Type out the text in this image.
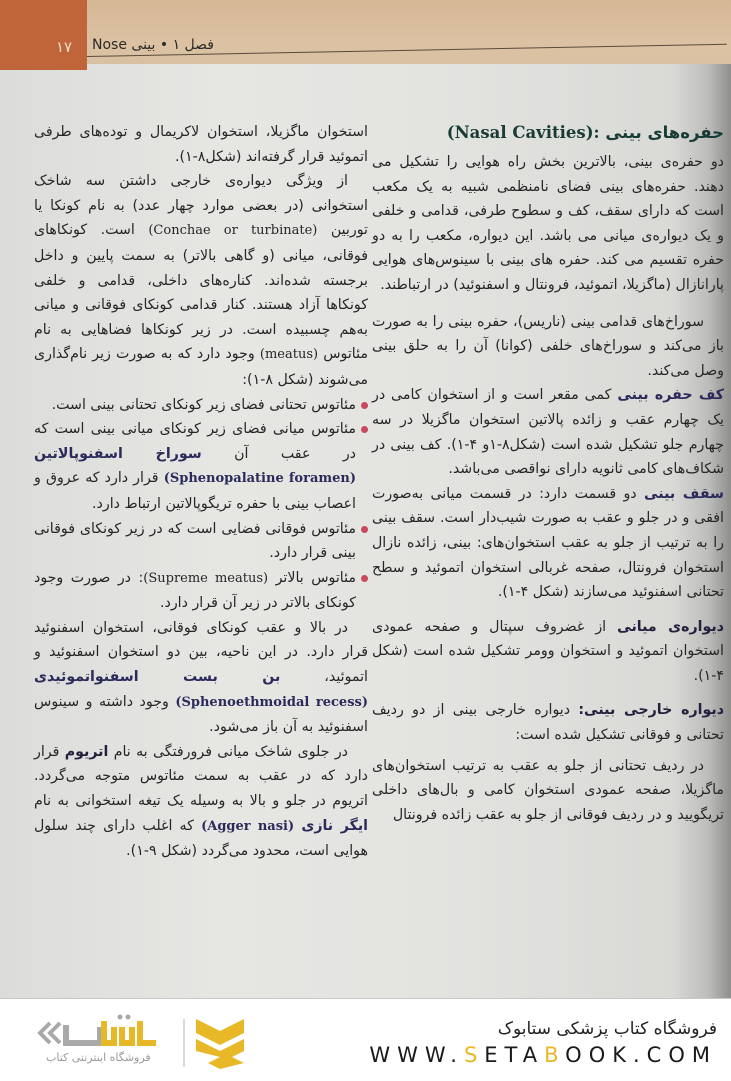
۱۷ فصل ۱ • بینی Nose

حفره‌های بینی (Nasal Cavities):

دو حفره‌ی بینی، بالاترین بخش راه هوایی را تشکیل می دهند. حفره‌های بینی فضای نامنظمی شبیه به یک مکعب است که دارای سقف، کف و سطوح طرفی، قدامی و خلفی و یک دیواره‌ی میانی می باشد. این دیواره، مکعب را به دو حفره تقسیم می کند. حفره های بینی با سینوس‌های هوایی پارانازال (ماگزیلا، اتموئید، فرونتال و اسفنوئید) در ارتباطند.

سوراخ‌های قدامی بینی (ناریس)، حفره بینی را به صورت باز می‌کند و سوراخ‌های خلفی (کوانا) آن را به حلق بینی وصل می‌کند.

کف حفره بینی کمی مقعر است و از استخوان کامی در یک چهارم عقب و زائده پالاتین استخوان ماگزیلا در سه چهارم جلو تشکیل شده است (شکل۸-۱و ۴-۱). کف بینی در شکاف‌های کامی ثانویه دارای نواقصی می‌باشد.

سقف بینی دو قسمت دارد: در قسمت میانی به‌صورت افقی و در جلو و عقب به صورت شیب‌دار است. سقف بینی را به ترتیب از جلو به عقب استخوان‌های: بینی، زائده نازال استخوان فرونتال، صفحه غربالی استخوان اتموئید و سطح تحتانی اسفنوئید می‌سازند (شکل ۴-۱).

دیواره‌ی میانی از غضروف سپتال و صفحه عمودی استخوان اتموئید و استخوان وومر تشکیل شده است (شکل ۴-۱).

دیواره خارجی بینی: دیواره خارجی بینی از دو ردیف تحتانی و فوقانی تشکیل شده است:

در ردیف تحتانی از جلو به عقب به ترتیب استخوان‌های ماگزیلا، صفحه عمودی استخوان کامی و بال‌های داخلی تریگویید و در ردیف فوقانی از جلو به عقب زائده فرونتال

استخوان ماگزیلا، استخوان لاکریمال و توده‌های طرفی اتموئید قرار گرفته‌اند (شکل۸-۱).

از ویژگی دیواره‌ی خارجی داشتن سه شاخک استخوانی (در بعضی موارد چهار عدد) به نام کونکا یا توربین (Conchae or turbinate) است. کونکاهای فوقانی، میانی (و گاهی بالاتر) به سمت پایین و داخل برجسته شده‌اند. کناره‌های داخلی، قدامی و خلفی کونکاها آزاد هستند. کنار قدامی کونکای فوقانی و میانی به‌هم چسبیده است. در زیر کونکاها فضاهایی به نام مئاتوس (meatus) وجود دارد که به صورت زیر نام‌گذاری می‌شوند (شکل ۸-۱):

مئاتوس تحتانی فضای زیر کونکای تحتانی بینی است.
مئاتوس میانی فضای زیر کونکای میانی بینی است که در عقب آن سوراخ اسفنوپالاتین (Sphenopalatine foramen) قرار دارد که عروق و اعصاب بینی با حفره تریگوپالاتین ارتباط دارد.
مئاتوس فوقانی فضایی است که در زیر کونکای فوقانی بینی قرار دارد.
مئاتوس بالاتر (Supreme meatus): در صورت وجود کونکای بالاتر در زیر آن قرار دارد.

در بالا و عقب کونکای فوقانی، استخوان اسفنوئید قرار دارد. در این ناحیه، بین دو استخوان اسفنوئید و اتموئید، بن بست اسفنواتموئیدی (Sphenoethmoidal recess) وجود داشته و سینوس اسفنوئید به آن باز می‌شود.

در جلوی شاخک میانی فرورفتگی به نام اتریوم قرار دارد که در عقب به سمت مئاتوس متوجه می‌گردد. اتریوم در جلو و بالا به وسیله یک تیغه استخوانی به نام ایگر نازی (Agger nasi) که اغلب دارای چند سلول هوایی است، محدود می‌گردد (شکل ۹-۱).

فروشگاه اینترنتی کتاب
فروشگاه کتاب پزشکی ستابوک
WWW.SETABOOK.COM
